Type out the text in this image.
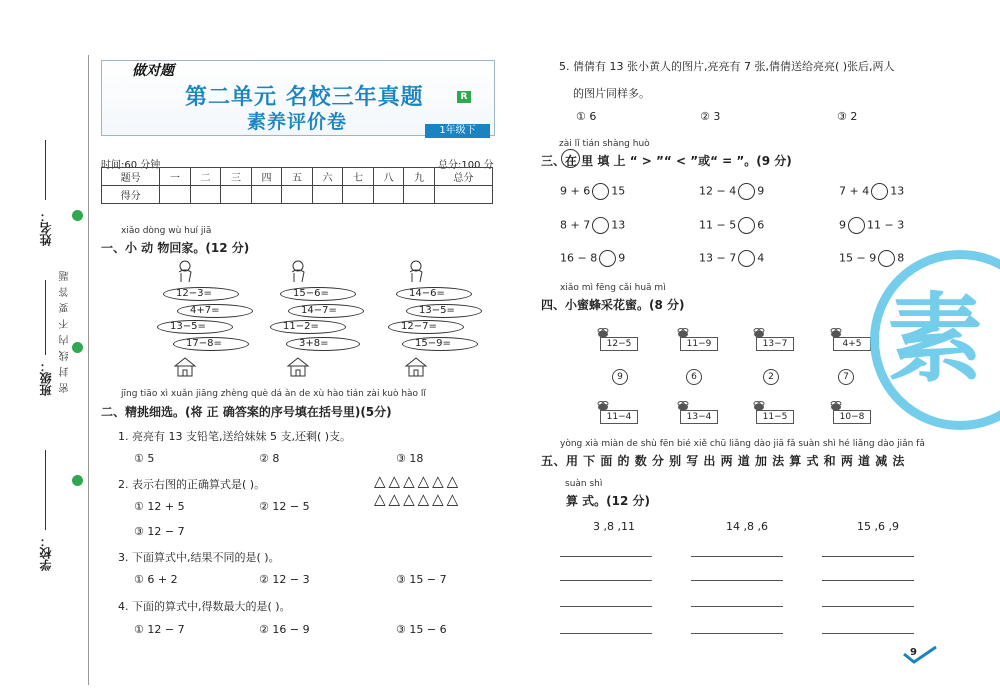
姓名：
班级：
学校：
密封线内不要答题
做对题
第二单元 名校三年真题
素养评价卷
R
1年级下
时间:60 分钟	总分:100 分
题号	一	二	三	四	五	六	七	八	九	总分
得分										
xiǎo dòng wù huí jiā
一、小 动 物回家。(12 分)
12−3=
4+7=
13−5=
17−8=
15−6=
14−7=
11−2=
3+8=
14−6=
13−5=
12−7=
15−9=
jīng tiāo xì xuǎn jiāng zhèng què dá àn de xù hào tián zài kuò hào lǐ
二、精挑细选。(将 正 确答案的序号填在括号里)(5分)
1. 亮亮有 13 支铅笔,送给妹妹 5 支,还剩( )支。
① 5	② 8	③ 18
2. 表示右图的正确算式是( )。	△△△△△△
△△△△△△
① 12 + 5	② 12 − 5
③ 12 − 7
3. 下面算式中,结果不同的是( )。
① 6 + 2	② 12 − 3	③ 15 − 7
4. 下面的算式中,得数最大的是( )。
① 12 − 7	② 16 − 9	③ 15 − 6
5. 倩倩有 13 张小黄人的图片,亮亮有 7 张,倩倩送给亮亮( )张后,两人
的图片同样多。
① 6	② 3	③ 2
zài lǐ tián shàng huò
三、在 里 填 上 “ > ”“ < ”或“ = ”。(9 分)
9 + 6 15	12 − 4 9	7 + 4 13
8 + 7 13	11 − 5 6	9 11 − 3
16 − 8 9	13 − 7 4	15 − 9 8
xiǎo mì fēng cǎi huā mì
四、小蜜蜂采花蜜。(8 分)
12−5	11−9	13−7	4+5
11−4	13−4	11−5	10−8
9	6	2	7
yòng xià miàn de shù fēn bié xiě chū liǎng dào jiā fǎ suàn shì hé liǎng dào jiǎn fǎ
五、用 下 面 的 数 分 别 写 出 两 道 加 法 算 式 和 两 道 减 法
suàn shì
算 式。(12 分)
3 ,8 ,11	14 ,8 ,6	15 ,6 ,9
素
9
